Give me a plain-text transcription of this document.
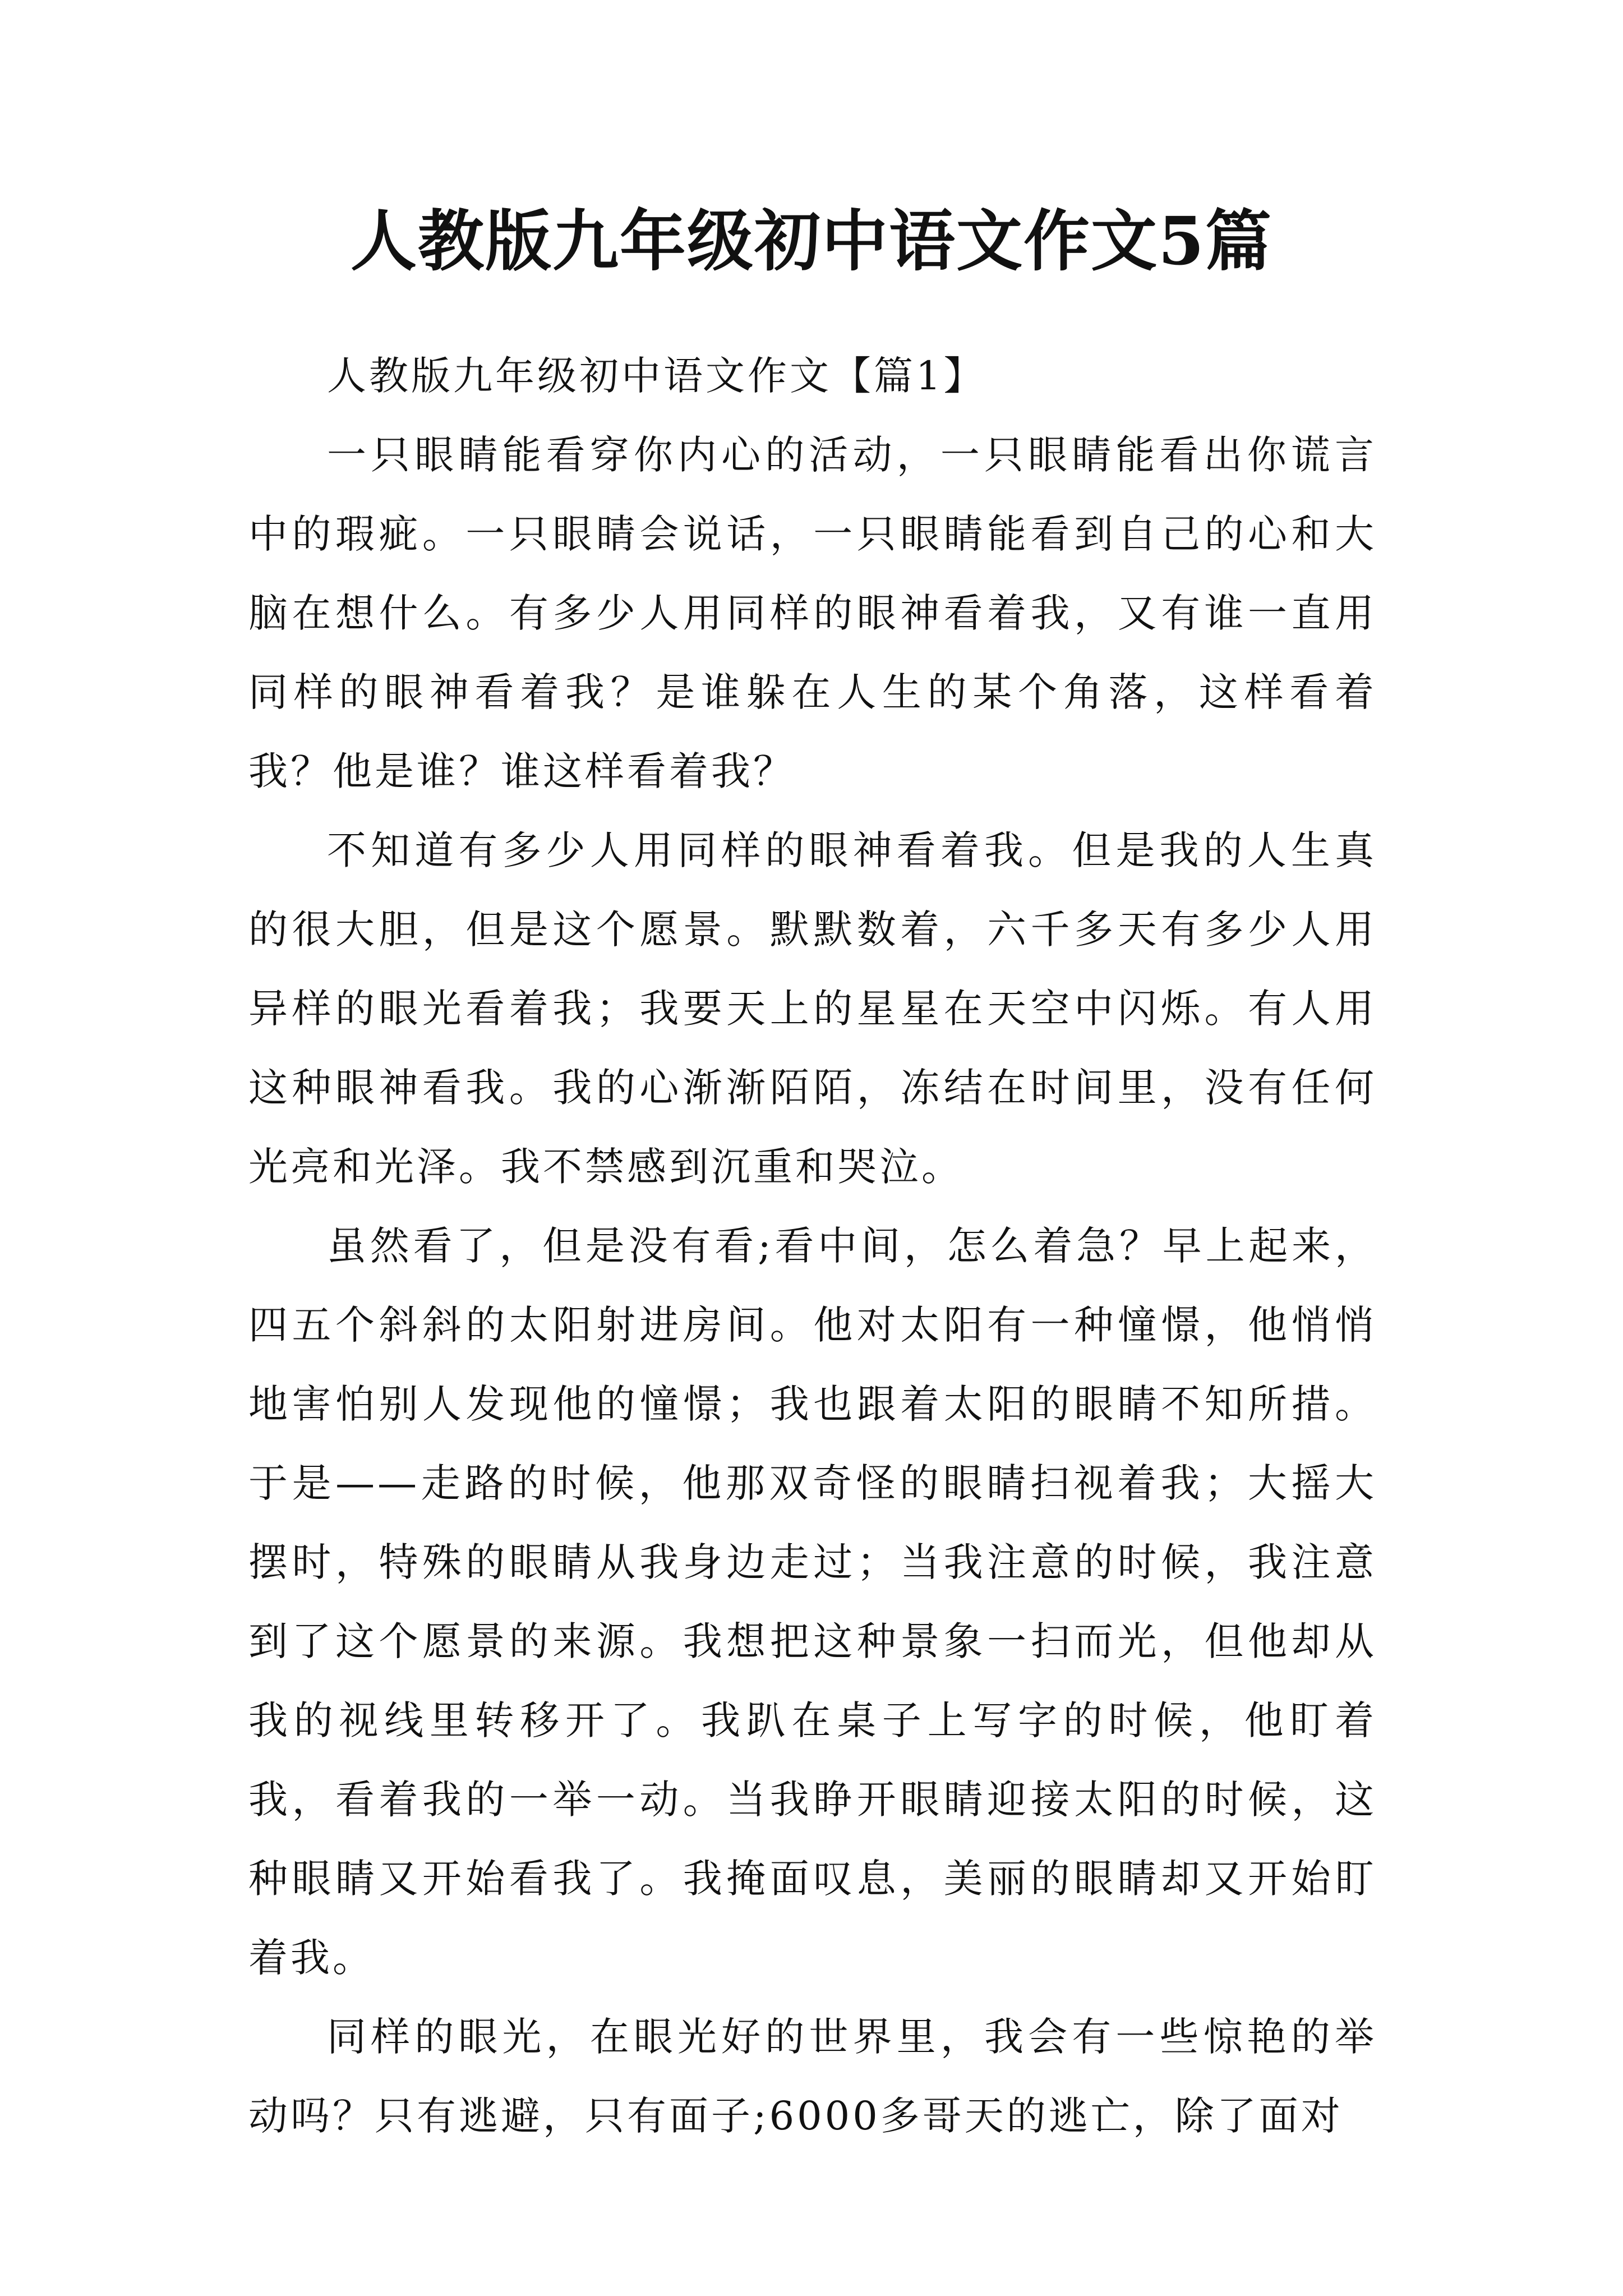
人教版九年级初中语文作文5篇

人教版九年级初中语文作文【篇1】

一只眼睛能看穿你内心的活动，一只眼睛能看出你谎言中的瑕疵。一只眼睛会说话，一只眼睛能看到自己的心和大脑在想什么。有多少人用同样的眼神看着我，又有谁一直用同样的眼神看着我？是谁躲在人生的某个角落，这样看着我？他是谁？谁这样看着我？

不知道有多少人用同样的眼神看着我。但是我的人生真的很大胆，但是这个愿景。默默数着，六千多天有多少人用异样的眼光看着我；我要天上的星星在天空中闪烁。有人用这种眼神看我。我的心渐渐陌陌，冻结在时间里，没有任何光亮和光泽。我不禁感到沉重和哭泣。

虽然看了，但是没有看;看中间，怎么着急？早上起来，四五个斜斜的太阳射进房间。他对太阳有一种憧憬，他悄悄地害怕别人发现他的憧憬；我也跟着太阳的眼睛不知所措。于是——走路的时候，他那双奇怪的眼睛扫视着我；大摇大摆时，特殊的眼睛从我身边走过；当我注意的时候，我注意到了这个愿景的来源。我想把这种景象一扫而光，但他却从我的视线里转移开了。我趴在桌子上写字的时候，他盯着我，看着我的一举一动。当我睁开眼睛迎接太阳的时候，这种眼睛又开始看我了。我掩面叹息，美丽的眼睛却又开始盯着我。

同样的眼光，在眼光好的世界里，我会有一些惊艳的举动吗？只有逃避，只有面子;6000多哥天的逃亡，除了面对
